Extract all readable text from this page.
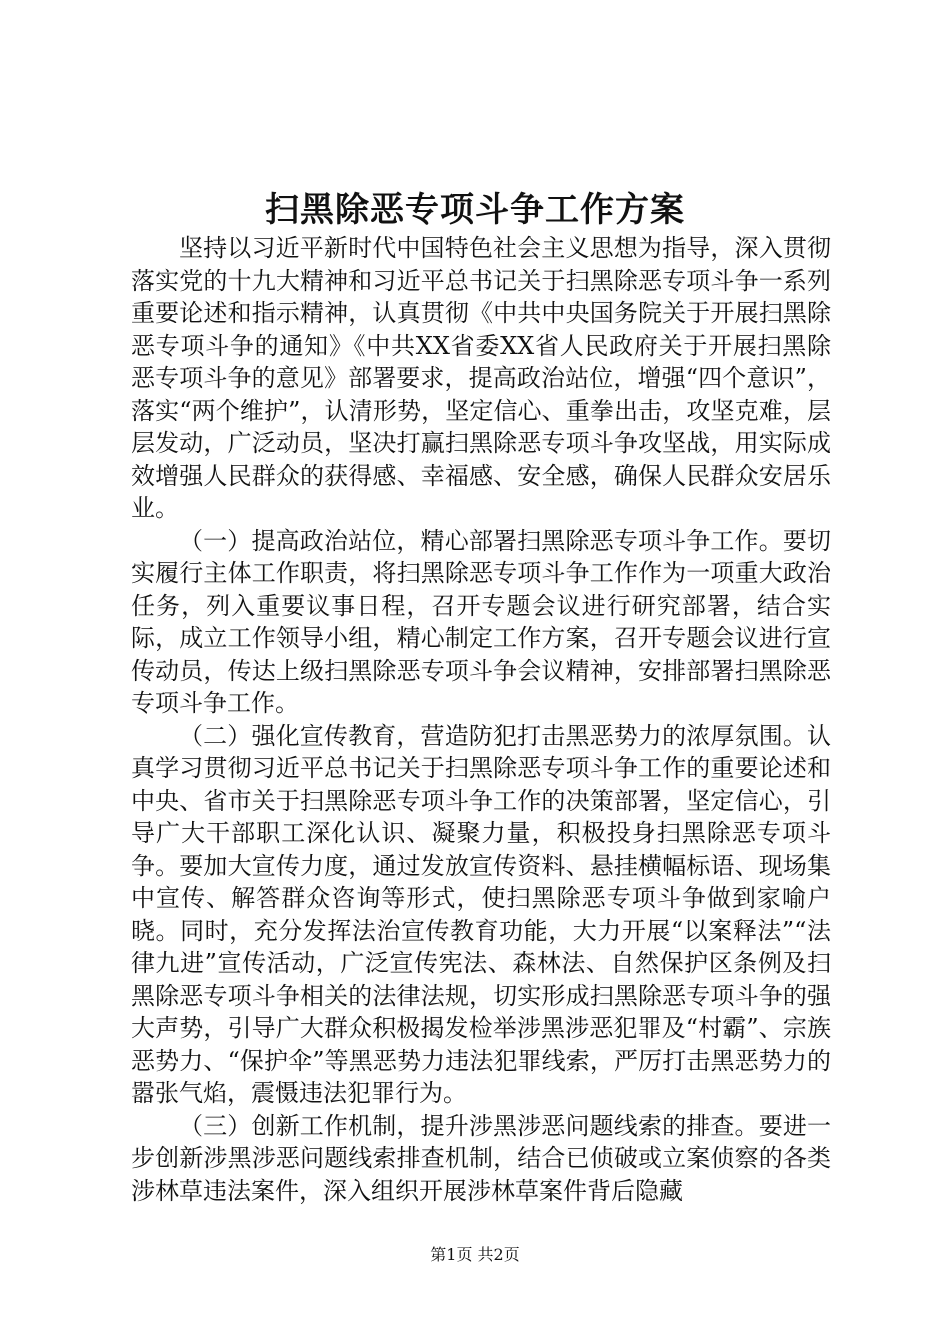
扫黑除恶专项斗争工作方案

坚持以习近平新时代中国特色社会主义思想为指导，深入贯彻落实党的十九大精神和习近平总书记关于扫黑除恶专项斗争一系列重要论述和指示精神，认真贯彻《中共中央国务院关于开展扫黑除恶专项斗争的通知》《中共XX省委XX省人民政府关于开展扫黑除恶专项斗争的意见》部署要求，提高政治站位，增强“四个意识”，落实“两个维护”，认清形势，坚定信心、重拳出击，攻坚克难，层层发动，广泛动员，坚决打赢扫黑除恶专项斗争攻坚战，用实际成效增强人民群众的获得感、幸福感、安全感，确保人民群众安居乐业。

（一）提高政治站位，精心部署扫黑除恶专项斗争工作。要切实履行主体工作职责，将扫黑除恶专项斗争工作作为一项重大政治任务，列入重要议事日程，召开专题会议进行研究部署，结合实际，成立工作领导小组，精心制定工作方案，召开专题会议进行宣传动员，传达上级扫黑除恶专项斗争会议精神，安排部署扫黑除恶专项斗争工作。

（二）强化宣传教育，营造防犯打击黑恶势力的浓厚氛围。认真学习贯彻习近平总书记关于扫黑除恶专项斗争工作的重要论述和中央、省市关于扫黑除恶专项斗争工作的决策部署，坚定信心，引导广大干部职工深化认识、凝聚力量，积极投身扫黑除恶专项斗争。要加大宣传力度，通过发放宣传资料、悬挂横幅标语、现场集中宣传、解答群众咨询等形式，使扫黑除恶专项斗争做到家喻户晓。同时，充分发挥法治宣传教育功能，大力开展“以案释法”“法律九进”宣传活动，广泛宣传宪法、森林法、自然保护区条例及扫黑除恶专项斗争相关的法律法规，切实形成扫黑除恶专项斗争的强大声势，引导广大群众积极揭发检举涉黑涉恶犯罪及“村霸”、宗族恶势力、“保护伞”等黑恶势力违法犯罪线索，严厉打击黑恶势力的嚣张气焰，震慑违法犯罪行为。

（三）创新工作机制，提升涉黑涉恶问题线索的排查。要进一步创新涉黑涉恶问题线索排查机制，结合已侦破或立案侦察的各类涉林草违法案件，深入组织开展涉林草案件背后隐藏

第1页 共2页
